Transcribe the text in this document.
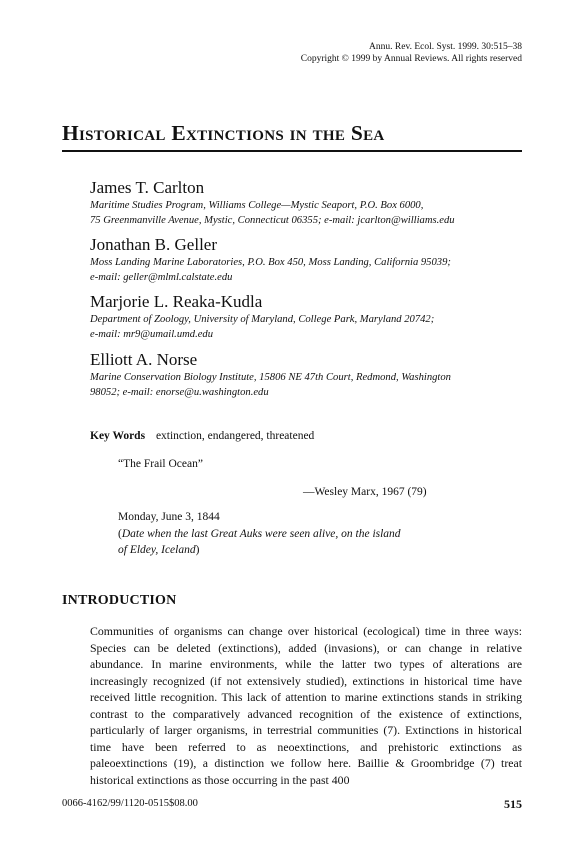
Annu. Rev. Ecol. Syst. 1999. 30:515–38
Copyright © 1999 by Annual Reviews. All rights reserved
Historical Extinctions in the Sea
James T. Carlton
Maritime Studies Program, Williams College—Mystic Seaport, P.O. Box 6000,
75 Greenmanville Avenue, Mystic, Connecticut 06355; e-mail: jcarlton@williams.edu
Jonathan B. Geller
Moss Landing Marine Laboratories, P.O. Box 450, Moss Landing, California 95039;
e-mail: geller@mlml.calstate.edu
Marjorie L. Reaka-Kudla
Department of Zoology, University of Maryland, College Park, Maryland 20742;
e-mail: mr9@umail.umd.edu
Elliott A. Norse
Marine Conservation Biology Institute, 15806 NE 47th Court, Redmond, Washington
98052; e-mail: enorse@u.washington.edu
Key Words extinction, endangered, threatened
“The Frail Ocean”
—Wesley Marx, 1967 (79)
Monday, June 3, 1844
(Date when the last Great Auks were seen alive, on the island
of Eldey, Iceland)
INTRODUCTION
Communities of organisms can change over historical (ecological) time in three ways: Species can be deleted (extinctions), added (invasions), or can change in relative abundance. In marine environments, while the latter two types of alterations are increasingly recognized (if not extensively studied), extinctions in historical time have received little recognition. This lack of attention to marine extinctions stands in striking contrast to the comparatively advanced recognition of the existence of extinctions, particularly of larger organisms, in terrestrial communities (7). Extinctions in historical time have been referred to as neoextinctions, and prehistoric extinctions as paleoextinctions (19), a distinction we follow here. Baillie & Groombridge (7) treat historical extinctions as those occurring in the past 400
0066-4162/99/1120-0515$08.00	515
